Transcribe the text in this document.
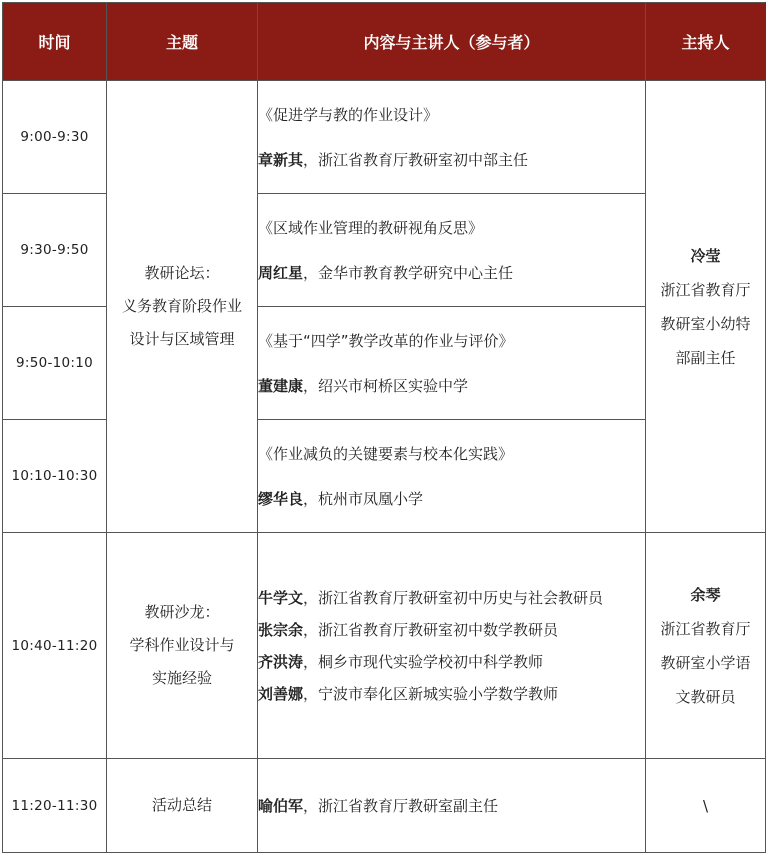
时间	主题	内容与主讲人（参与者）	主持人
9:00-9:30	教研论坛：
义务教育阶段作业
设计与区域管理	《促进学与教的作业设计》
章新其，浙江省教育厅教研室初中部主任	冷莹
浙江省教育厅
教研室小幼特
部副主任

9:30-9:50		《区域作业管理的教研视角反思》
周红星，金华市教育教学研究中心主任	

9:50-10:10		《基于“四学”教学改革的作业与评价》
董建康，绍兴市柯桥区实验中学	

10:10-10:30		《作业减负的关键要素与校本化实践》
缪华良，杭州市凤凰小学	

10:40-11:20	教研沙龙：
学科作业设计与
实施经验	牛学文，浙江省教育厅教研室初中历史与社会教研员
张宗余，浙江省教育厅教研室初中数学教研员
齐洪涛，桐乡市现代实验学校初中科学教师
刘善娜，宁波市奉化区新城实验小学数学教师	余琴
浙江省教育厅
教研室小学语
文教研员

11:20-11:30	活动总结	喻伯军，浙江省教育厅教研室副主任	\
